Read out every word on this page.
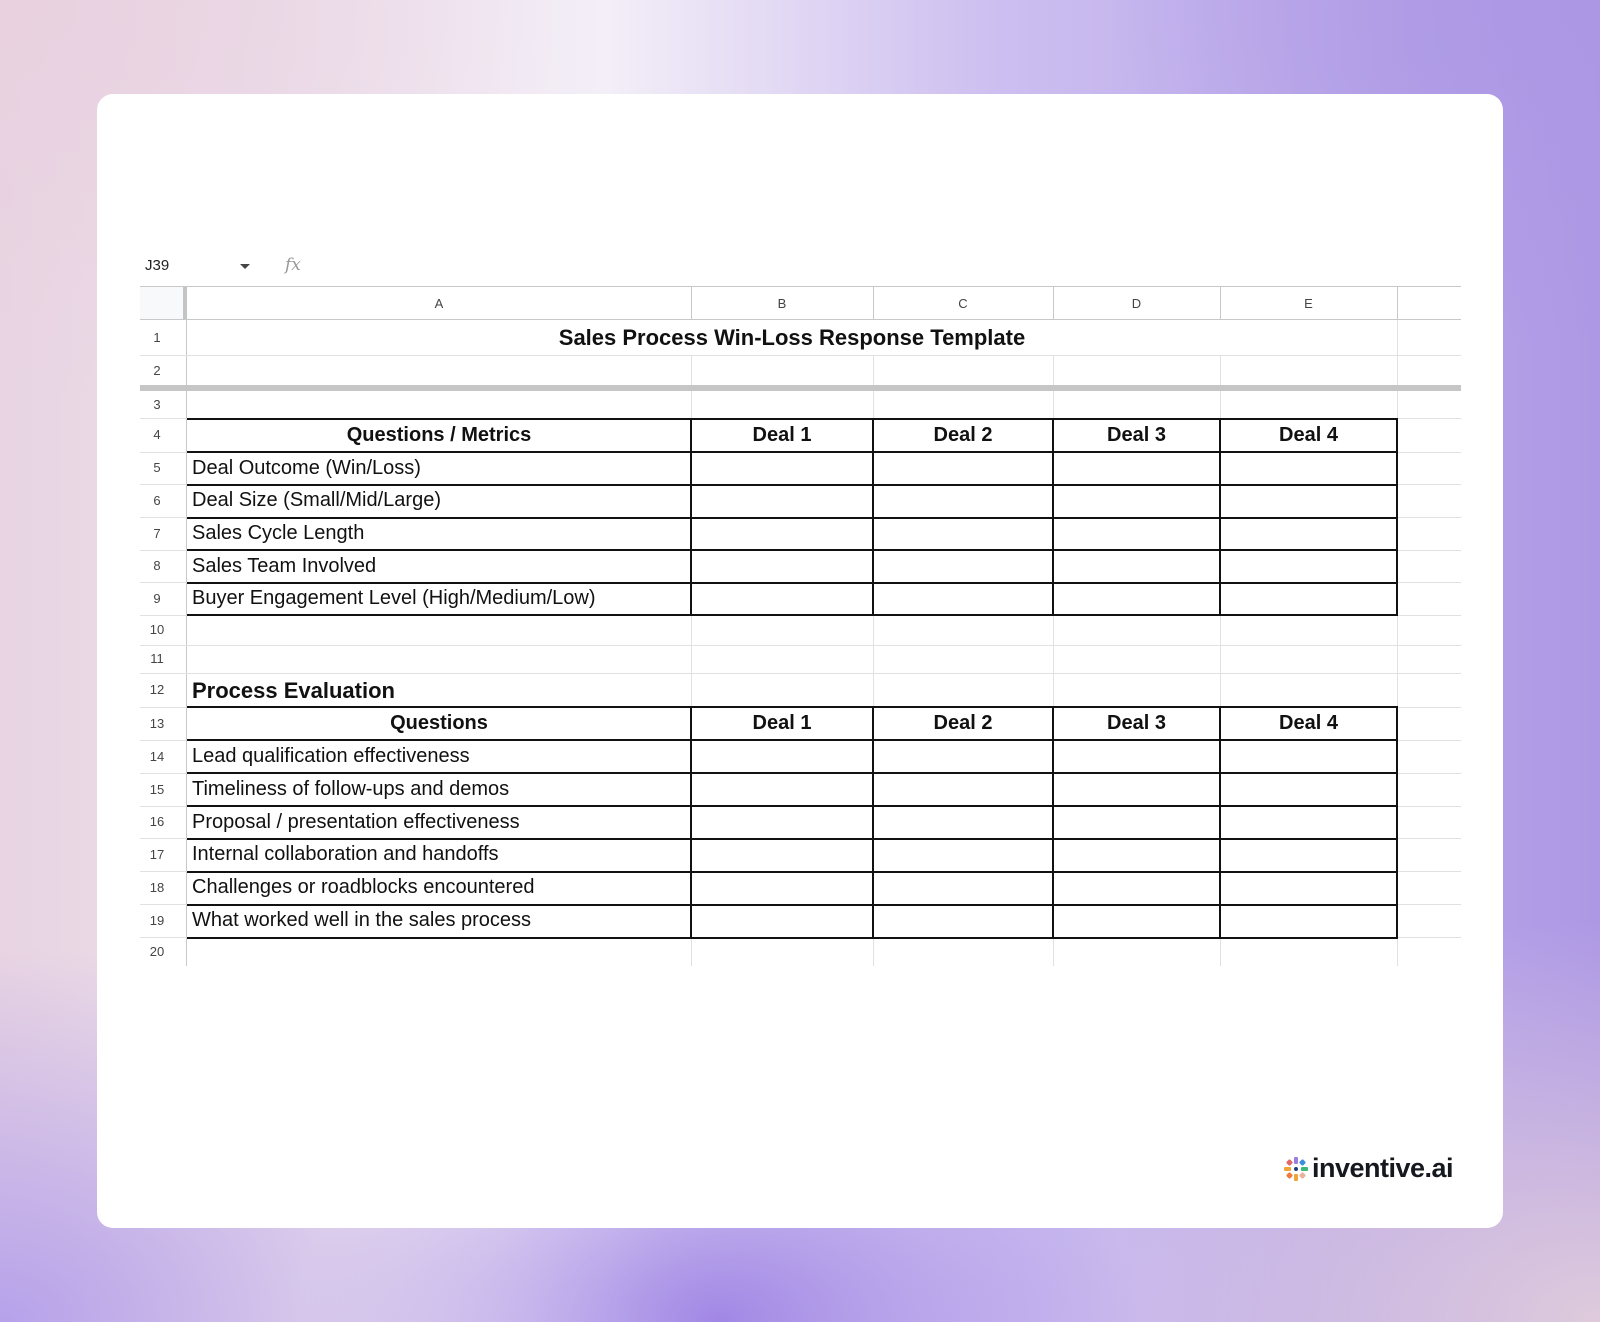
J39	fx
A	B	C	D	E
1
2
3
4
5
6
7
8
9
10
11
12
13
14
15
16
17
18
19
20
Sales Process Win-Loss Response Template
Questions / Metrics	Deal 1	Deal 2	Deal 3	Deal 4
Deal Outcome (Win/Loss)
Deal Size (Small/Mid/Large)
Sales Cycle Length
Sales Team Involved
Buyer Engagement Level (High/Medium/Low)
Process Evaluation
Questions	Deal 1	Deal 2	Deal 3	Deal 4
Lead qualification effectiveness
Timeliness of follow-ups and demos
Proposal / presentation effectiveness
Internal collaboration and handoffs
Challenges or roadblocks encountered
What worked well in the sales process
inventive.ai
